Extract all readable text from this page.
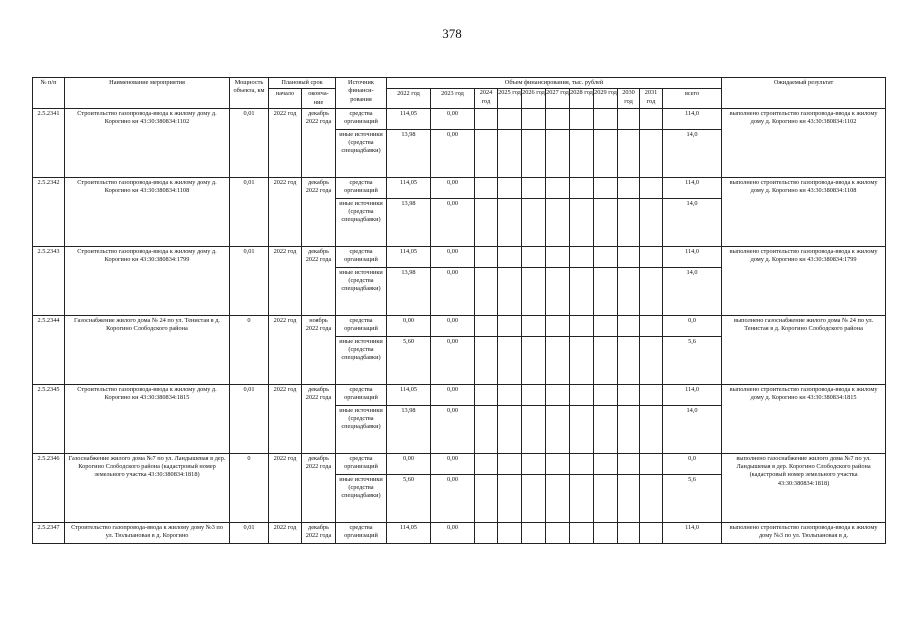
378
№ п/п	Наименование мероприятия	Мощность объекта, км	Плановый срок		Источник финанси-рования	Объем финансирования, тыс. рублей											Ожидаемый результат
			начало	оконча-ние		2022 год	2023 год	2024 год	2025 год	2026 год	2027 год	2028 год	2029 год	2030 год	2031 год	всего	
2.5.2341	Строительство газопровода-ввода к жилому дому д. Корогино кн 43:30:380834:1102	0,01	2022 год	декабрь 2022 года	средства организаций	114,05	0,00									114,0	выполнено строительство газопровода-ввода к жилому дому д. Корогино кн 43:30:380834:1102
					иные источники (средства спецнадбавки)	13,98	0,00									14,0	
2.5.2342	Строительство газопровода-ввода к жилому дому д. Корогино кн 43:30:380834:1108	0,01	2022 год	декабрь 2022 года	средства организаций	114,05	0,00									114,0	выполнено строительство газопровода-ввода к жилому дому д. Корогино кн 43:30:380834:1108
					иные источники (средства спецнадбавки)	13,98	0,00									14,0	
2.5.2343	Строительство газопровода-ввода к жилому дому д. Корогино кн 43:30:380834:1799	0,01	2022 год	декабрь 2022 года	средства организаций	114,05	0,00									114,0	выполнено строительство газопровода-ввода к жилому дому д. Корогино кн 43:30:380834:1799
					иные источники (средства спецнадбавки)	13,98	0,00									14,0	
2.5.2344	Газоснабжение жилого дома № 24 по ул. Тенистая в д. Корогино Слободского района	0	2022 год	ноябрь 2022 года	средства организаций	0,00	0,00									0,0	выполнено газоснабжение жилого дома № 24 по ул. Тенистая в д. Корогино Слободского района
					иные источники (средства спецнадбавки)	5,60	0,00									5,6	
2.5.2345	Строительство газопровода-ввода к жилому дому д. Корогино кн 43:30:380834:1815	0,01	2022 год	декабрь 2022 года	средства организаций	114,05	0,00									114,0	выполнено строительство газопровода-ввода к жилому дому д. Корогино кн 43:30:380834:1815
					иные источники (средства спецнадбавки)	13,98	0,00									14,0	
2.5.2346	Газоснабжение жилого дома №7 по ул. Ландышевая в дер. Корогино Слободского района (кадастровый номер земельного участка 43:30:380834:1818)	0	2022 год	декабрь 2022 года	средства организаций	0,00	0,00									0,0	выполнено газоснабжение жилого дома №7 по ул. Ландышевая в дер. Корогино Слободского района (кадастровый номер земельного участка 43:30:380834:1818)
					иные источники (средства спецнадбавки)	5,60	0,00									5,6	
2.5.2347	Строительство газопровода-ввода к жилому дому №3 по ул. Тюльпановая в д. Корогино	0,01	2022 год	декабрь 2022 года	средства организаций	114,05	0,00									114,0	выполнено строительство газопровода-ввода к жилому дому №3 по ул. Тюльпановая в д.
